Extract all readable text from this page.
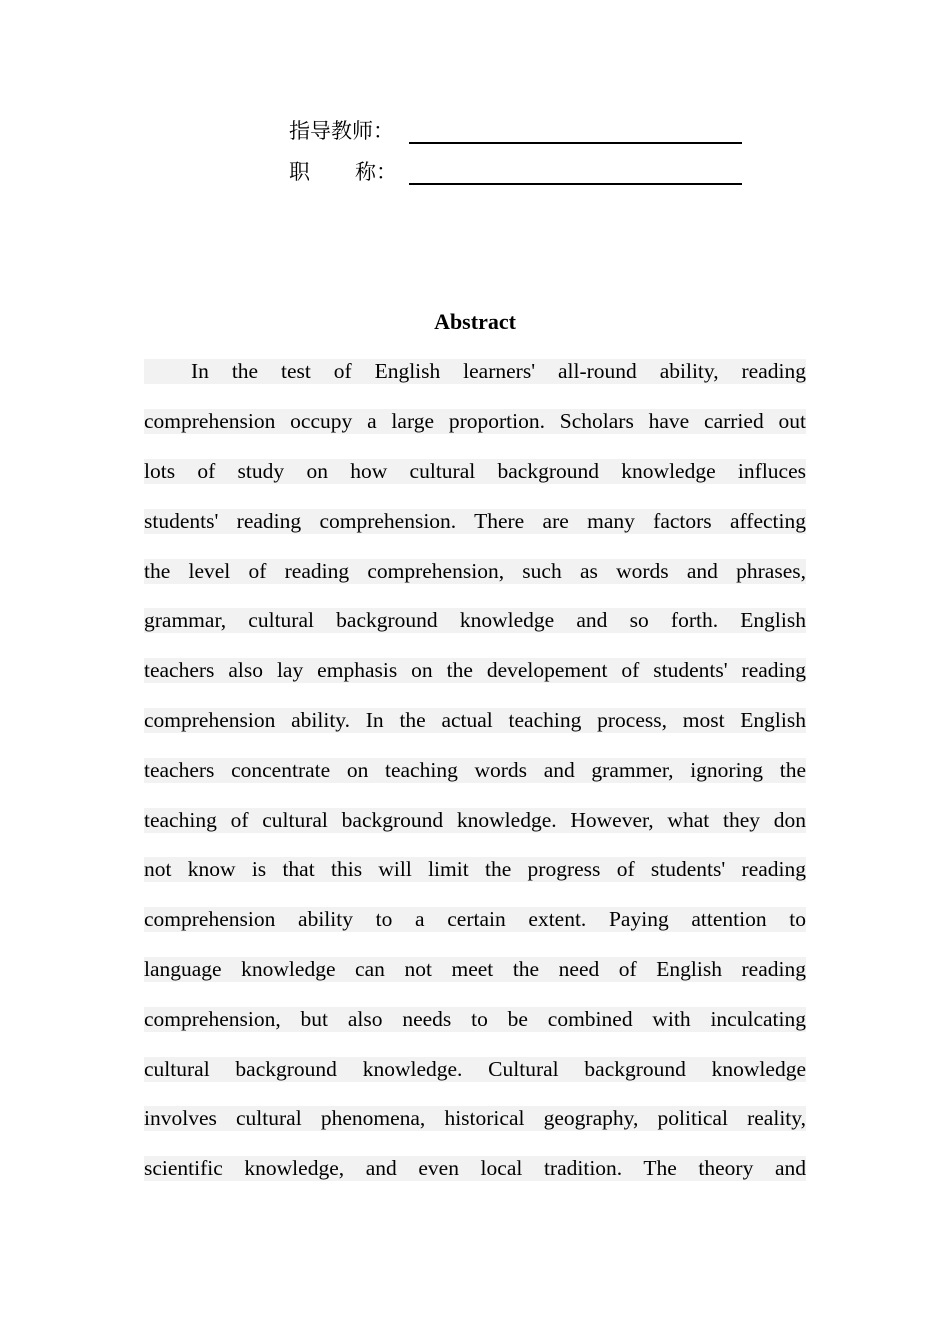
指导教师：
职 称：
Abstract
In the test of English learners' all-round ability, reading
comprehension occupy a large proportion. Scholars have carried out
lots of study on how cultural background knowledge influces
students' reading comprehension. There are many factors affecting
the level of reading comprehension, such as words and phrases,
grammar, cultural background knowledge and so forth. English
teachers also lay emphasis on the developement of students' reading
comprehension ability. In the actual teaching process, most English
teachers concentrate on teaching words and grammer, ignoring the
teaching of cultural background knowledge. However, what they don
not know is that this will limit the progress of students' reading
comprehension ability to a certain extent. Paying attention to
language knowledge can not meet the need of English reading
comprehension, but also needs to be combined with inculcating
cultural background knowledge. Cultural background knowledge
involves cultural phenomena, historical geography, political reality,
scientific knowledge, and even local tradition. The theory and
